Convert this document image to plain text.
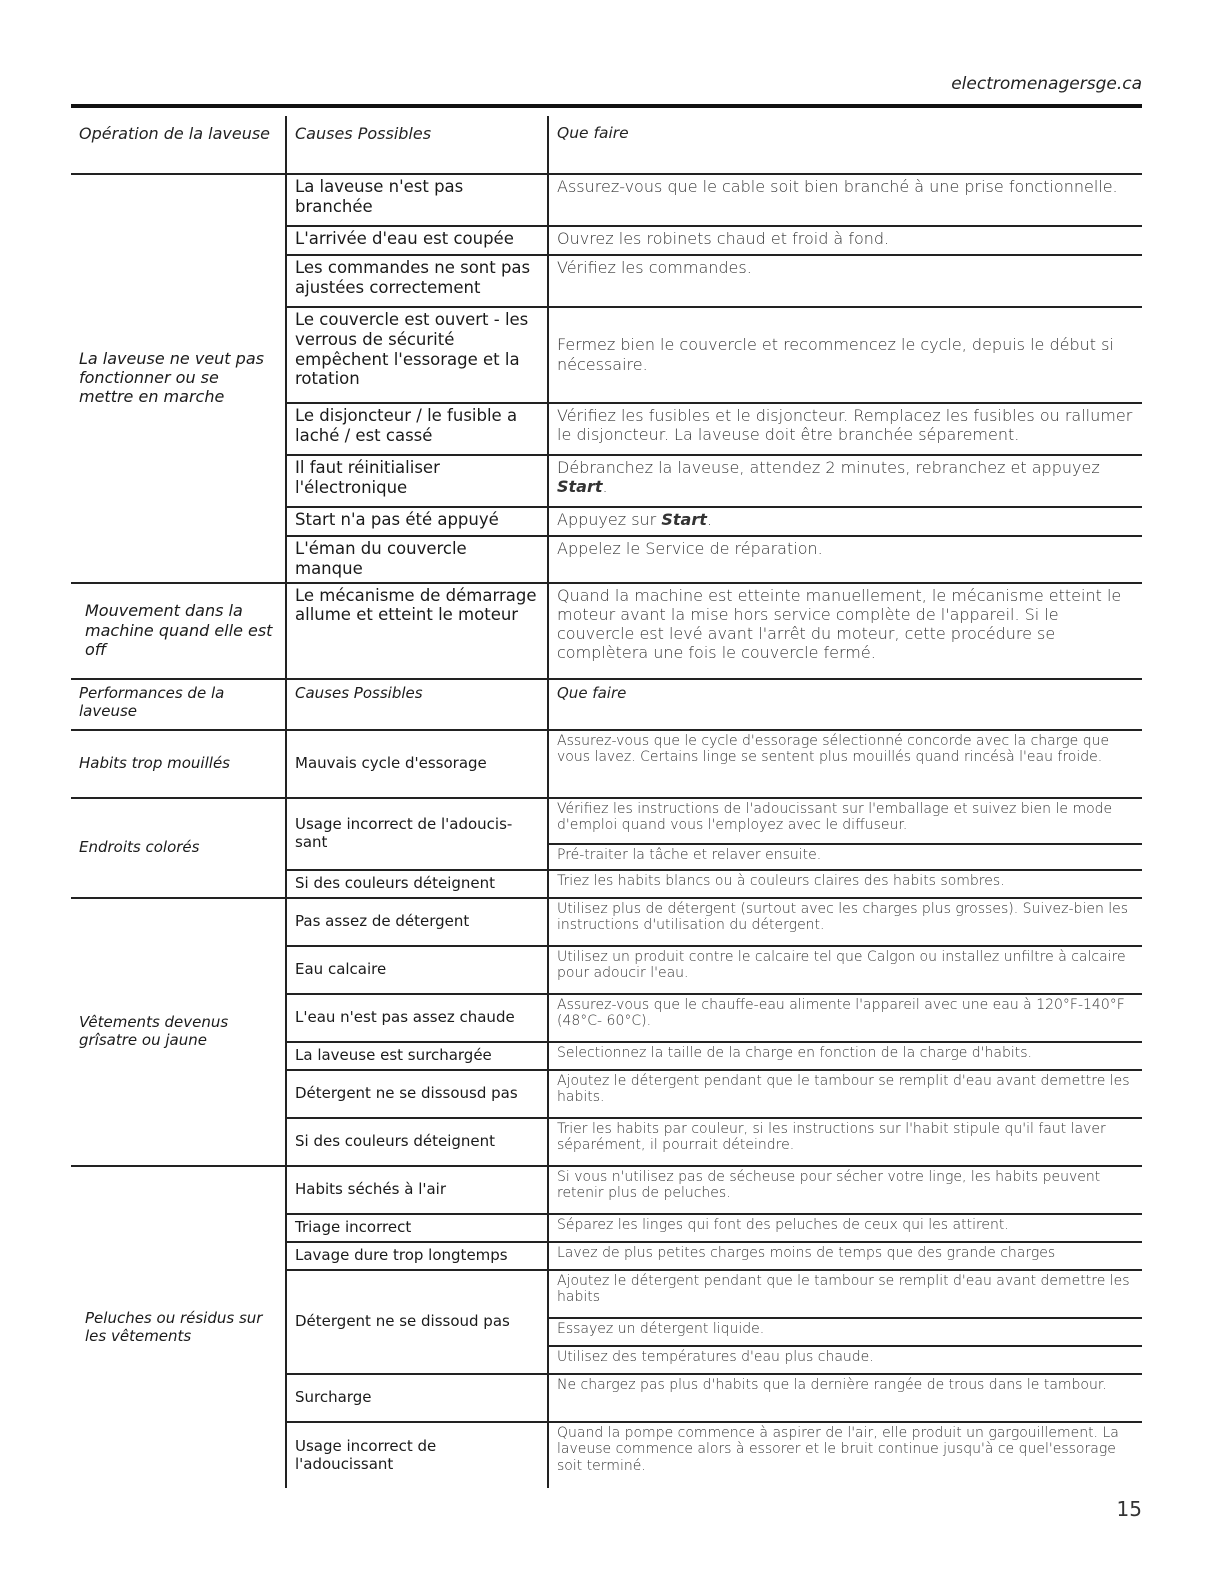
electromenagersge.ca
Opération de la laveuse	Causes Possibles	Que faire
La laveuse ne veut pas fonctionner ou se mettre en marche	La laveuse n'est pas branchée	Assurez-vous que le cable soit bien branché à une prise fonctionnelle.
	L'arrivée d'eau est coupée	Ouvrez les robinets chaud et froid à fond.
	Les commandes ne sont pas ajustées correctement	Vérifiez les commandes.
	Le couvercle est ouvert - les verrous de sécurité empêchent l'essorage et la rotation	Fermez bien le couvercle et recommencez le cycle, depuis le début si nécessaire.
	Le disjoncteur / le fusible a laché / est cassé	Vérifiez les fusibles et le disjoncteur. Remplacez les fusibles ou rallumer le disjoncteur. La laveuse doit être branchée séparement.
	Il faut réinitialiser l'électronique	Débranchez la laveuse, attendez 2 minutes, rebranchez et appuyez Start.
	Start n'a pas été appuyé	Appuyez sur Start.
	L'éman du couvercle manque	Appelez le Service de réparation.
Mouvement dans la machine quand elle est off	Le mécanisme de démarrage allume et etteint le moteur	Quand la machine est etteinte manuellement, le mécanisme etteint le moteur avant la mise hors service complète de l'appareil. Si le couvercle est levé avant l'arrêt du moteur, cette procédure se complètera une fois le couvercle fermé.
Performances de la laveuse	Causes Possibles	Que faire
Habits trop mouillés	Mauvais cycle d'essorage	Assurez-vous que le cycle d'essorage sélectionné concorde avec la charge que vous lavez. Certains linge se sentent plus mouillés quand rincésà l'eau froide.
Endroits colorés	Usage incorrect de l'adoucis-sant	Vérifiez les instructions de l'adoucissant sur l'emballage et suivez bien le mode d'emploi quand vous l'employez avec le diffuseur.
		Pré-traiter la tâche et relaver ensuite.
	Si des couleurs déteignent	Triez les habits blancs ou à couleurs claires des habits sombres.
Vêtements devenus grîsatre ou jaune	Pas assez de détergent	Utilisez plus de détergent (surtout avec les charges plus grosses). Suivez-bien les instructions d'utilisation du détergent.
	Eau calcaire	Utilisez un produit contre le calcaire tel que Calgon ou installez unfiltre à calcaire pour adoucir l'eau.
	L'eau n'est pas assez chaude	Assurez-vous que le chauffe-eau alimente l'appareil avec une eau à 120°F-140°F (48°C- 60°C).
	La laveuse est surchargée	Selectionnez la taille de la charge en fonction de la charge d'habits.
	Détergent ne se dissousd pas	Ajoutez le détergent pendant que le tambour se remplit d'eau avant demettre les habits.
	Si des couleurs déteignent	Trier les habits par couleur, si les instructions sur l'habit stipule qu'il faut laver séparément, il pourrait déteindre.
Peluches ou résidus sur les vêtements	Habits séchés à l'air	Si vous n'utilisez pas de sécheuse pour sécher votre linge, les habits peuvent retenir plus de peluches.
	Triage incorrect	Séparez les linges qui font des peluches de ceux qui les attirent.
	Lavage dure trop longtemps	Lavez de plus petites charges moins de temps que des grande charges
	Détergent ne se dissoud pas	Ajoutez le détergent pendant que le tambour se remplit d'eau avant demettre les habits
		Essayez un détergent liquide.
		Utilisez des températures d'eau plus chaude.
	Surcharge	Ne chargez pas plus d'habits que la dernière rangée de trous dans le tambour.
	Usage incorrect de l'adoucissant	Quand la pompe commence à aspirer de l'air, elle produit un gargouillement. La laveuse commence alors à essorer et le bruit continue jusqu'à ce quel'essorage soit terminé.
15
